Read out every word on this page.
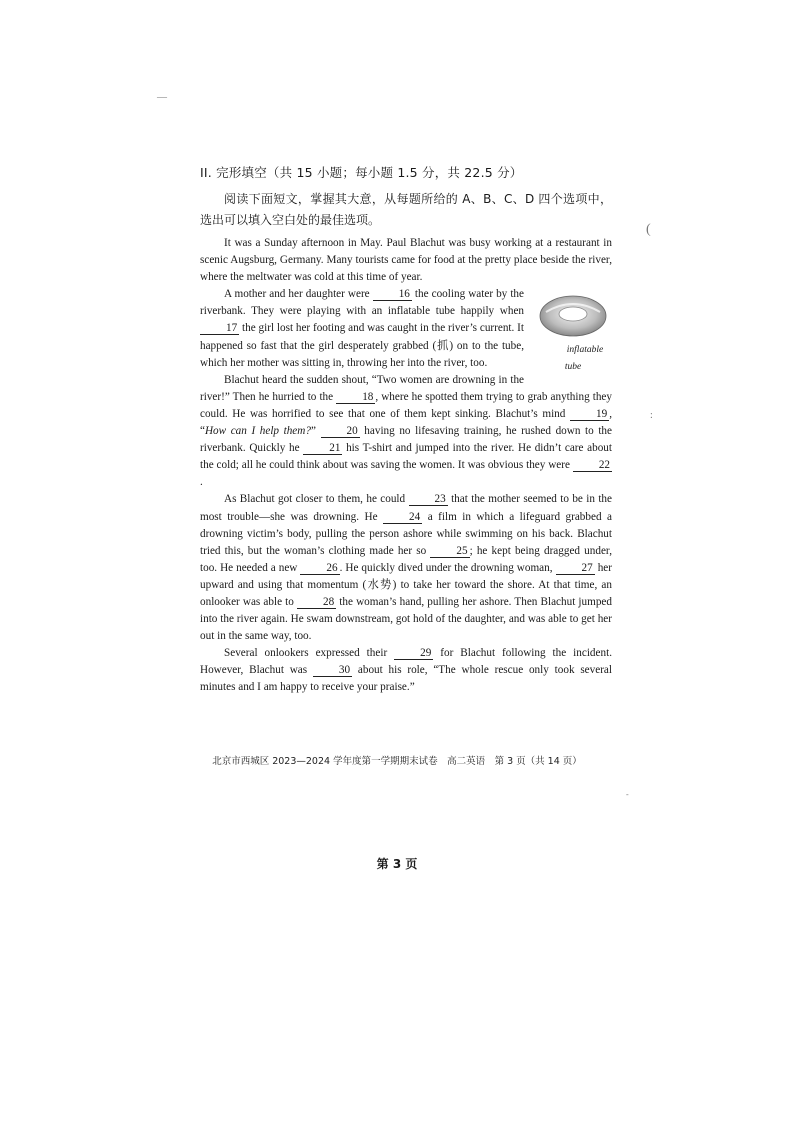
—
(
:
-
II. 完形填空（共 15 小题；每小题 1.5 分，共 22.5 分）
阅读下面短文，掌握其大意，从每题所给的 A、B、C、D 四个选项中，选出可以填入空白处的最佳选项。

It was a Sunday afternoon in May. Paul Blachut was busy working at a restaurant in scenic Augsburg, Germany. Many tourists came for food at the pretty place beside the river, where the meltwater was cold at this time of year.

inflatable tube
A mother and her daughter were 16 the cooling water by the riverbank. They were playing with an inflatable tube happily when 17 the girl lost her footing and was caught in the river’s current. It happened so fast that the girl desperately grabbed (抓) on to the tube, which her mother was sitting in, throwing her into the river, too.

Blachut heard the sudden shout, “Two women are drowning in the river!” Then he hurried to the 18 , where he spotted them trying to grab anything they could. He was horrified to see that one of them kept sinking. Blachut’s mind 19 , “How can I help them?” 20 having no lifesaving training, he rushed down to the riverbank. Quickly he 21 his T-shirt and jumped into the river. He didn’t care about the cold; all he could think about was saving the women. It was obvious they were 22.

As Blachut got closer to them, he could 23 that the mother seemed to be in the most trouble—she was drowning. He 24 a film in which a lifeguard grabbed a drowning victim’s body, pulling the person ashore while swimming on his back. Blachut tried this, but the woman’s clothing made her so 25 ; he kept being dragged under, too. He needed a new 26 . He quickly dived under the drowning woman, 27 her upward and using that momentum (水势) to take her toward the shore. At that time, an onlooker was able to 28 the woman’s hand, pulling her ashore. Then Blachut jumped into the river again. He swam downstream, got hold of the daughter, and was able to get her out in the same way, too.

Several onlookers expressed their 29 for Blachut following the incident. However, Blachut was 30 about his role, “The whole rescue only took several minutes and I am happy to receive your praise.”

北京市西城区 2023—2024 学年度第一学期期末试卷　高二英语　第 3 页（共 14 页）
第 3 页
